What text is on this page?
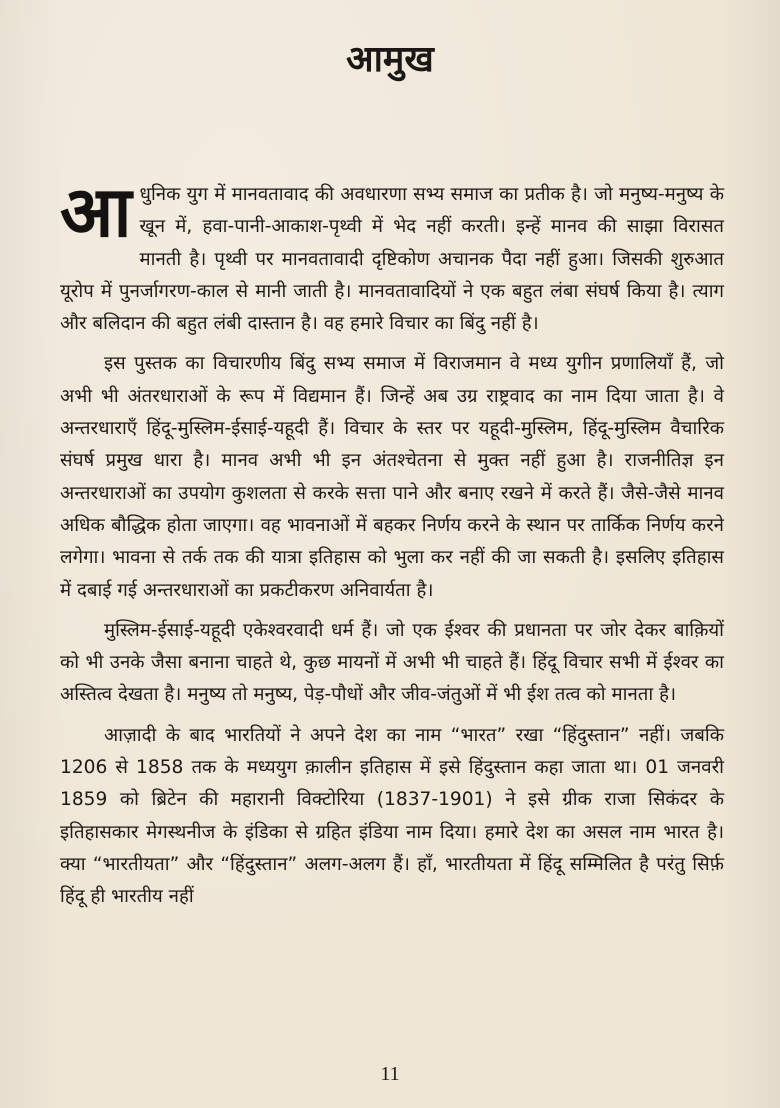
आमुख

आधुनिक युग में मानवतावाद की अवधारणा सभ्य समाज का प्रतीक है। जो मनुष्य-मनुष्य के खून में, हवा-पानी-आकाश-पृथ्वी में भेद नहीं करती। इन्हें मानव की साझा विरासत मानती है। पृथ्वी पर मानवतावादी दृष्टिकोण अचानक पैदा नहीं हुआ। जिसकी शुरुआत यूरोप में पुनर्जागरण-काल से मानी जाती है। मानवतावादियों ने एक बहुत लंबा संघर्ष किया है। त्याग और बलिदान की बहुत लंबी दास्तान है। वह हमारे विचार का बिंदु नहीं है।

इस पुस्तक का विचारणीय बिंदु सभ्य समाज में विराजमान वे मध्य युगीन प्रणालियाँ हैं, जो अभी भी अंतरधाराओं के रूप में विद्यमान हैं। जिन्हें अब उग्र राष्ट्रवाद का नाम दिया जाता है। वे अन्तरधाराएँ हिंदू-मुस्लिम-ईसाई-यहूदी हैं। विचार के स्तर पर यहूदी-मुस्लिम, हिंदू-मुस्लिम वैचारिक संघर्ष प्रमुख धारा है। मानव अभी भी इन अंतश्चेतना से मुक्त नहीं हुआ है। राजनीतिज्ञ इन अन्तरधाराओं का उपयोग कुशलता से करके सत्ता पाने और बनाए रखने में करते हैं। जैसे-जैसे मानव अधिक बौद्धिक होता जाएगा। वह भावनाओं में बहकर निर्णय करने के स्थान पर तार्किक निर्णय करने लगेगा। भावना से तर्क तक की यात्रा इतिहास को भुला कर नहीं की जा सकती है। इसलिए इतिहास में दबाई गई अन्तरधाराओं का प्रकटीकरण अनिवार्यता है।

मुस्लिम-ईसाई-यहूदी एकेश्वरवादी धर्म हैं। जो एक ईश्वर की प्रधानता पर जोर देकर बाक़ियों को भी उनके जैसा बनाना चाहते थे, कुछ मायनों में अभी भी चाहते हैं। हिंदू विचार सभी में ईश्वर का अस्तित्व देखता है। मनुष्य तो मनुष्य, पेड़-पौधों और जीव-जंतुओं में भी ईश तत्व को मानता है।

आज़ादी के बाद भारतियों ने अपने देश का नाम “भारत” रखा “हिंदुस्तान” नहीं। जबकि 1206 से 1858 तक के मध्ययुग क़ालीन इतिहास में इसे हिंदुस्तान कहा जाता था। 01 जनवरी 1859 को ब्रिटेन की महारानी विक्टोरिया (1837-1901) ने इसे ग्रीक राजा सिकंदर के इतिहासकार मेगस्थनीज के इंडिका से ग्रहित इंडिया नाम दिया। हमारे देश का असल नाम भारत है। क्या “भारतीयता” और “हिंदुस्तान” अलग-अलग हैं। हाँ, भारतीयता में हिंदू सम्मिलित है परंतु सिर्फ़ हिंदू ही भारतीय नहीं

11
